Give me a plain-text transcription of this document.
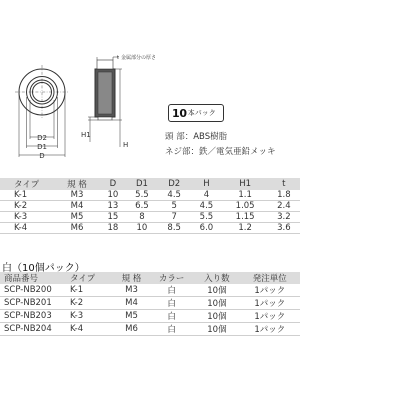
D2
D1
D
金属部分の厚さ
t
H1
H
10 本パック
頭 部：ABS樹脂
ネジ部：鉄／電気亜鉛メッキ
タイプ	規 格	D	D1	D2	H	H1	t
K-1	M3	10	5.5	4.5	4	1.1	1.8
K-2	M4	13	6.5	5	4.5	1.05	2.4
K-3	M5	15	8	7	5.5	1.15	3.2
K-4	M6	18	10	8.5	6.0	1.2	3.6
白（10個パック）
商品番号	タイプ	規 格	カラー	入り数	発注単位
SCP-NB200	K-1	M3	白	10個	1パック
SCP-NB201	K-2	M4	白	10個	1パック
SCP-NB203	K-3	M5	白	10個	1パック
SCP-NB204	K-4	M6	白	10個	1パック
